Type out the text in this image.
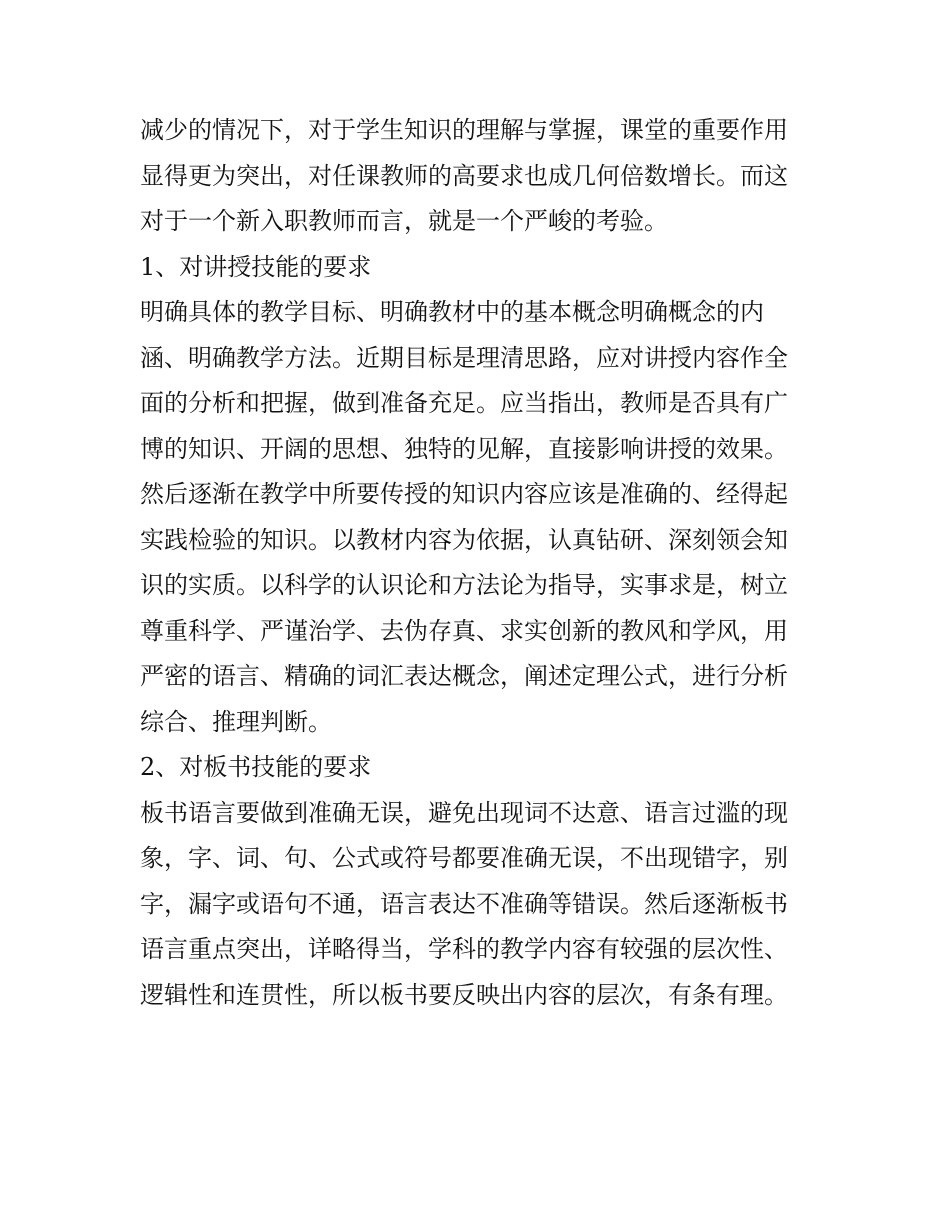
减少的情况下，对于学生知识的理解与掌握，课堂的重要作用
显得更为突出，对任课教师的高要求也成几何倍数增长。而这
对于一个新入职教师而言，就是一个严峻的考验。
1、对讲授技能的要求
明确具体的教学目标、明确教材中的基本概念明确概念的内
涵、明确教学方法。近期目标是理清思路，应对讲授内容作全
面的分析和把握，做到准备充足。应当指出，教师是否具有广
博的知识、开阔的思想、独特的见解，直接影响讲授的效果。
然后逐渐在教学中所要传授的知识内容应该是准确的、经得起
实践检验的知识。以教材内容为依据，认真钻研、深刻领会知
识的实质。以科学的认识论和方法论为指导，实事求是，树立
尊重科学、严谨治学、去伪存真、求实创新的教风和学风，用
严密的语言、精确的词汇表达概念，阐述定理公式，进行分析
综合、推理判断。
2、对板书技能的要求
板书语言要做到准确无误，避免出现词不达意、语言过滥的现
象，字、词、句、公式或符号都要准确无误，不出现错字，别
字，漏字或语句不通，语言表达不准确等错误。然后逐渐板书
语言重点突出，详略得当，学科的教学内容有较强的层次性、
逻辑性和连贯性，所以板书要反映出内容的层次，有条有理。
